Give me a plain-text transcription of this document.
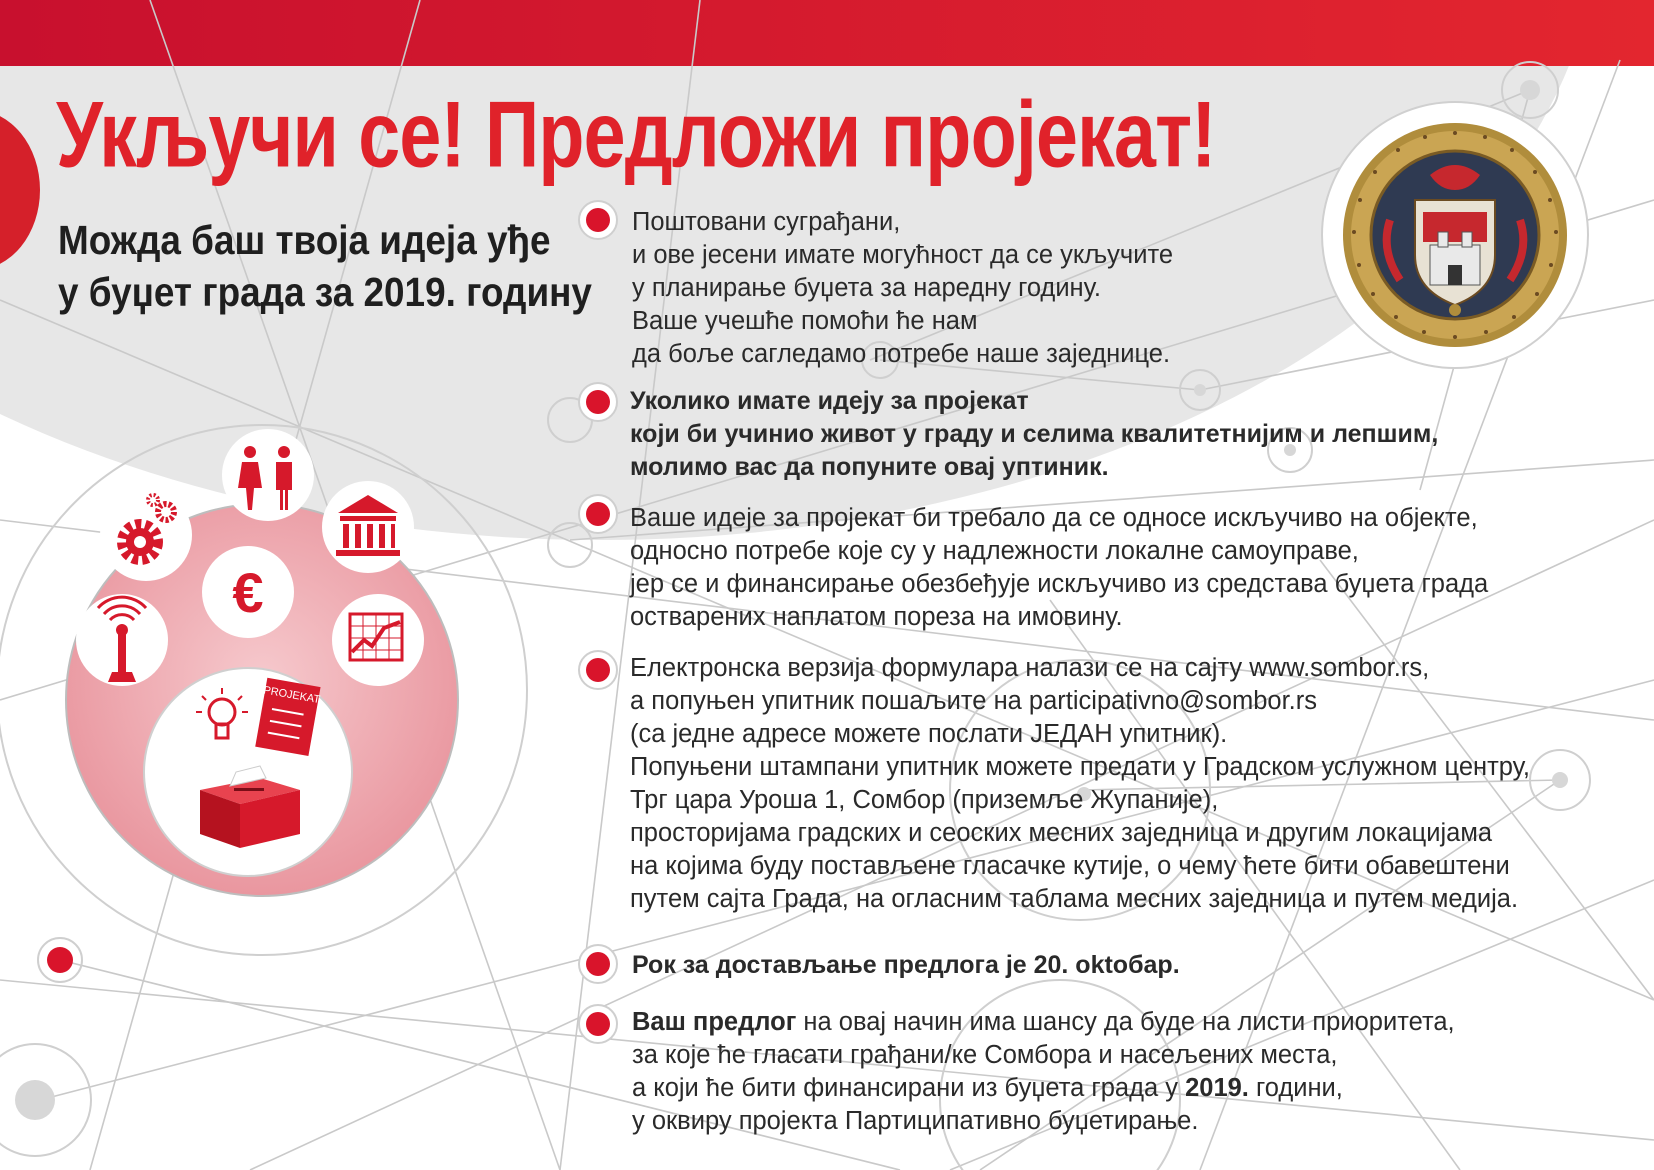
Укључи се! Предложи пројекат!
Можда баш твоја идеја уђе
у буџет града за 2019. годину
€
PROJEKAT
Поштовани суграђани,
и ове јесени имате могућност да се укључите
у планирање буџета за наредну годину.
Ваше учешће помоћи ће нам
да боље сагледамо потребе наше заједнице.
Уколико имате идеју за пројекат
који би учинио живот у граду и селима квалитетнијим и лепшим,
молимо вас да попуните овај уптиник.
Ваше идеје за пројекат би требало да се односе искључиво на објекте,
односно потребе које су у надлежности локалне самоуправе,
јер се и финансирање обезбеђује искључиво из средстава буџета града
остварених наплатом пореза на имовину.
Електронска верзија формулара налази се на сајту www.sombor.rs,
а попуњен упитник пошаљите на participativno@sombor.rs
(са једне адресе можете послати ЈЕДАН упитник).
Попуњени штампани упитник можете предати у Градском услужном центру,
Трг цара Уроша 1, Сомбор (приземље Жупаније),
просторијама градских и сеоских месних заједница и другим локацијама
на којима буду постављене гласачке кутије, о чему ћете бити обавештени
путем сајта Града, на огласним таблама месних заједница и путем медија.
Рок за достављање предлога је 20. oktобар.
Ваш предлог на овај начин има шансу да буде на листи приоритета,
за које ће гласати грађани/ке Сомбора и насељених места,
а који ће бити финансирани из буџета града у 2019. години,
у оквиру пројекта Партиципативно буџетирање.
